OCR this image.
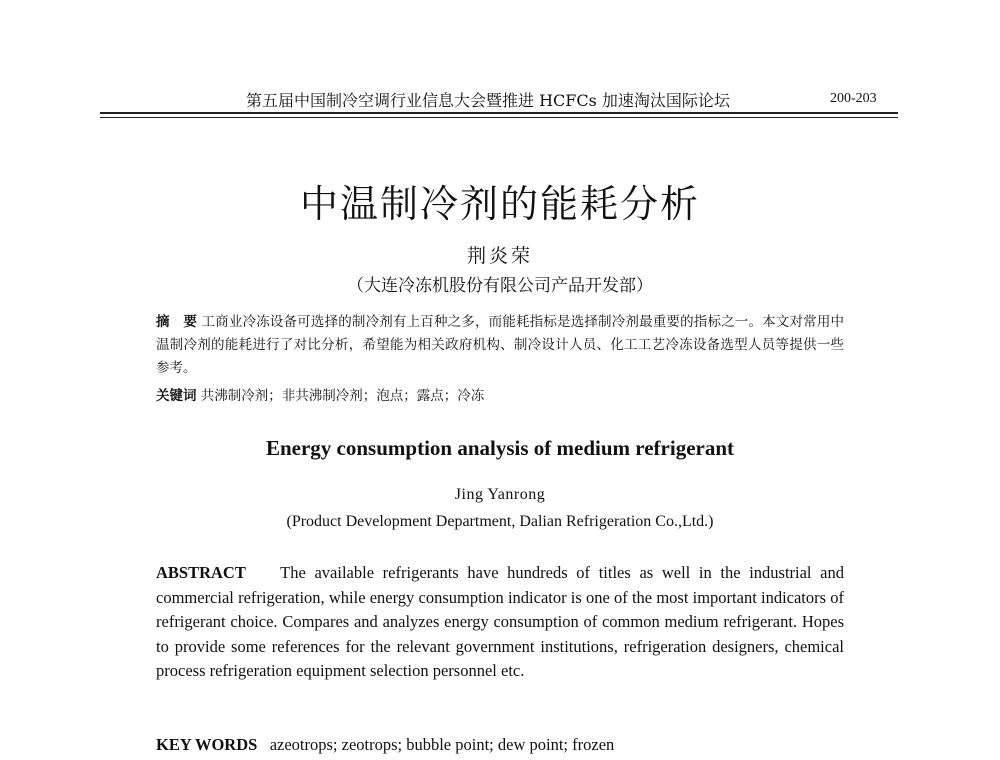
第五届中国制冷空调行业信息大会暨推进 HCFCs 加速淘汰国际论坛	200-203
中温制冷剂的能耗分析
荆炎荣
（大连冷冻机股份有限公司产品开发部）
摘　要 工商业冷冻设备可选择的制冷剂有上百种之多，而能耗指标是选择制冷剂最重要的指标之一。本文对常用中温制冷剂的能耗进行了对比分析，希望能为相关政府机构、制冷设计人员、化工工艺冷冻设备选型人员等提供一些参考。
关键词 共沸制冷剂；非共沸制冷剂；泡点；露点；冷冻
Energy consumption analysis of medium refrigerant
Jing Yanrong
(Product Development Department, Dalian Refrigeration Co.,Ltd.)
ABSTRACT The available refrigerants have hundreds of titles as well in the industrial and commercial refrigeration, while energy consumption indicator is one of the most important indicators of refrigerant choice. Compares and analyzes energy consumption of common medium refrigerant. Hopes to provide some references for the relevant government institutions, refrigeration designers, chemical process refrigeration equipment selection personnel etc.
KEY WORDS azeotrops; zeotrops; bubble point; dew point; frozen
